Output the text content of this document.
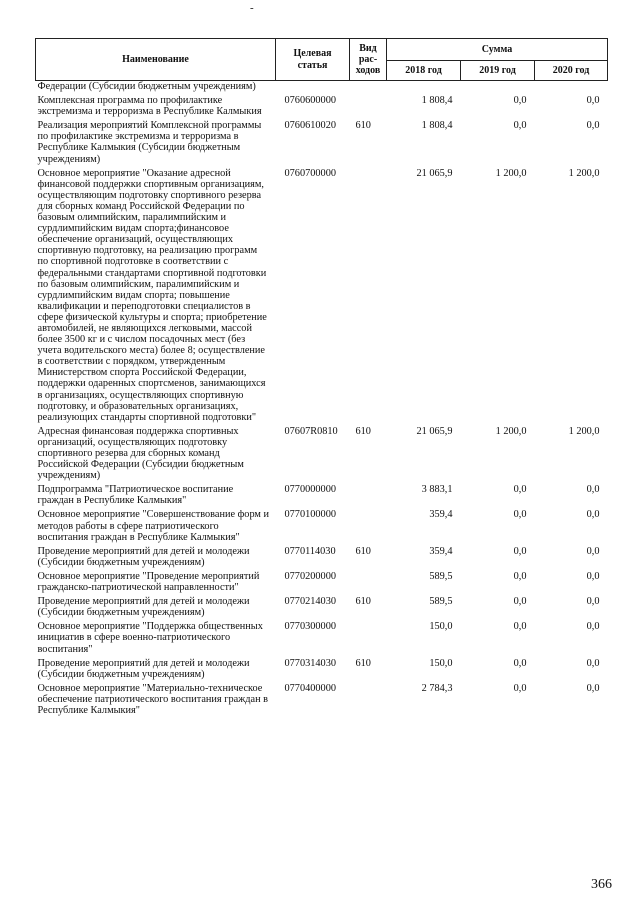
-
Наименование	Целевая статья	Вид рас-ходов	Сумма		
			2018 год	2019 год	2020 год
Федерации (Субсидии бюджетным учреждениям)					
Комплексная программа по профилактике экстремизма и терроризма в Республике Калмыкия	0760600000		1 808,4	0,0	0,0
Реализация мероприятий Комплексной программы по профилактике экстремизма и терроризма в Республике Калмыкия (Субсидии бюджетным учреждениям)	0760610020	610	1 808,4	0,0	0,0
Основное мероприятие "Оказание адресной финансовой поддержки спортивным организациям, осуществляющим подготовку спортивного резерва для сборных команд Российской Федерации по базовым олимпийским, паралимпийским и сурдлимпийским видам спорта;финансовое обеспечение организаций, осуществляющих спортивную подготовку, на реализацию программ по спортивной подготовке в соответствии с федеральными стандартами спортивной подготовки по базовым олимпийским, паралимпийским и сурдлимпийским видам спорта; повышение квалификации и переподготовки специалистов в сфере физической культуры и спорта; приобретение автомобилей, не являющихся легковыми, массой более 3500 кг и с числом посадочных мест (без учета водительского места) более 8; осуществление в соответствии с порядком, утвержденным Министерством спорта Российской Федерации, поддержки одаренных спортсменов, занимающихся в организациях, осуществляющих спортивную подготовку, и образовательных организациях, реализующих стандарты спортивной подготовки"	0760700000		21 065,9	1 200,0	1 200,0
Адресная финансовая поддержка спортивных организаций, осуществляющих подготовку спортивного резерва для сборных команд Российской Федерации (Субсидии бюджетным учреждениям)	07607R0810	610	21 065,9	1 200,0	1 200,0
Подпрограмма "Патриотическое воспитание граждан в Республике Калмыкия"	0770000000		3 883,1	0,0	0,0
Основное мероприятие "Совершенствование форм и методов работы в сфере патриотического воспитания граждан в Республике Калмыкия"	0770100000		359,4	0,0	0,0
Проведение мероприятий для детей и молодежи (Субсидии бюджетным учреждениям)	0770114030	610	359,4	0,0	0,0
Основное мероприятие "Проведение мероприятий гражданско-патриотической направленности"	0770200000		589,5	0,0	0,0
Проведение мероприятий для детей и молодежи (Субсидии бюджетным учреждениям)	0770214030	610	589,5	0,0	0,0
Основное мероприятие "Поддержка общественных инициатив в сфере военно-патриотического воспитания"	0770300000		150,0	0,0	0,0
Проведение мероприятий для детей и молодежи (Субсидии бюджетным учреждениям)	0770314030	610	150,0	0,0	0,0
Основное мероприятие "Материально-техническое обеспечение патриотического воспитания граждан в Республике Калмыкия"	0770400000		2 784,3	0,0	0,0
366
